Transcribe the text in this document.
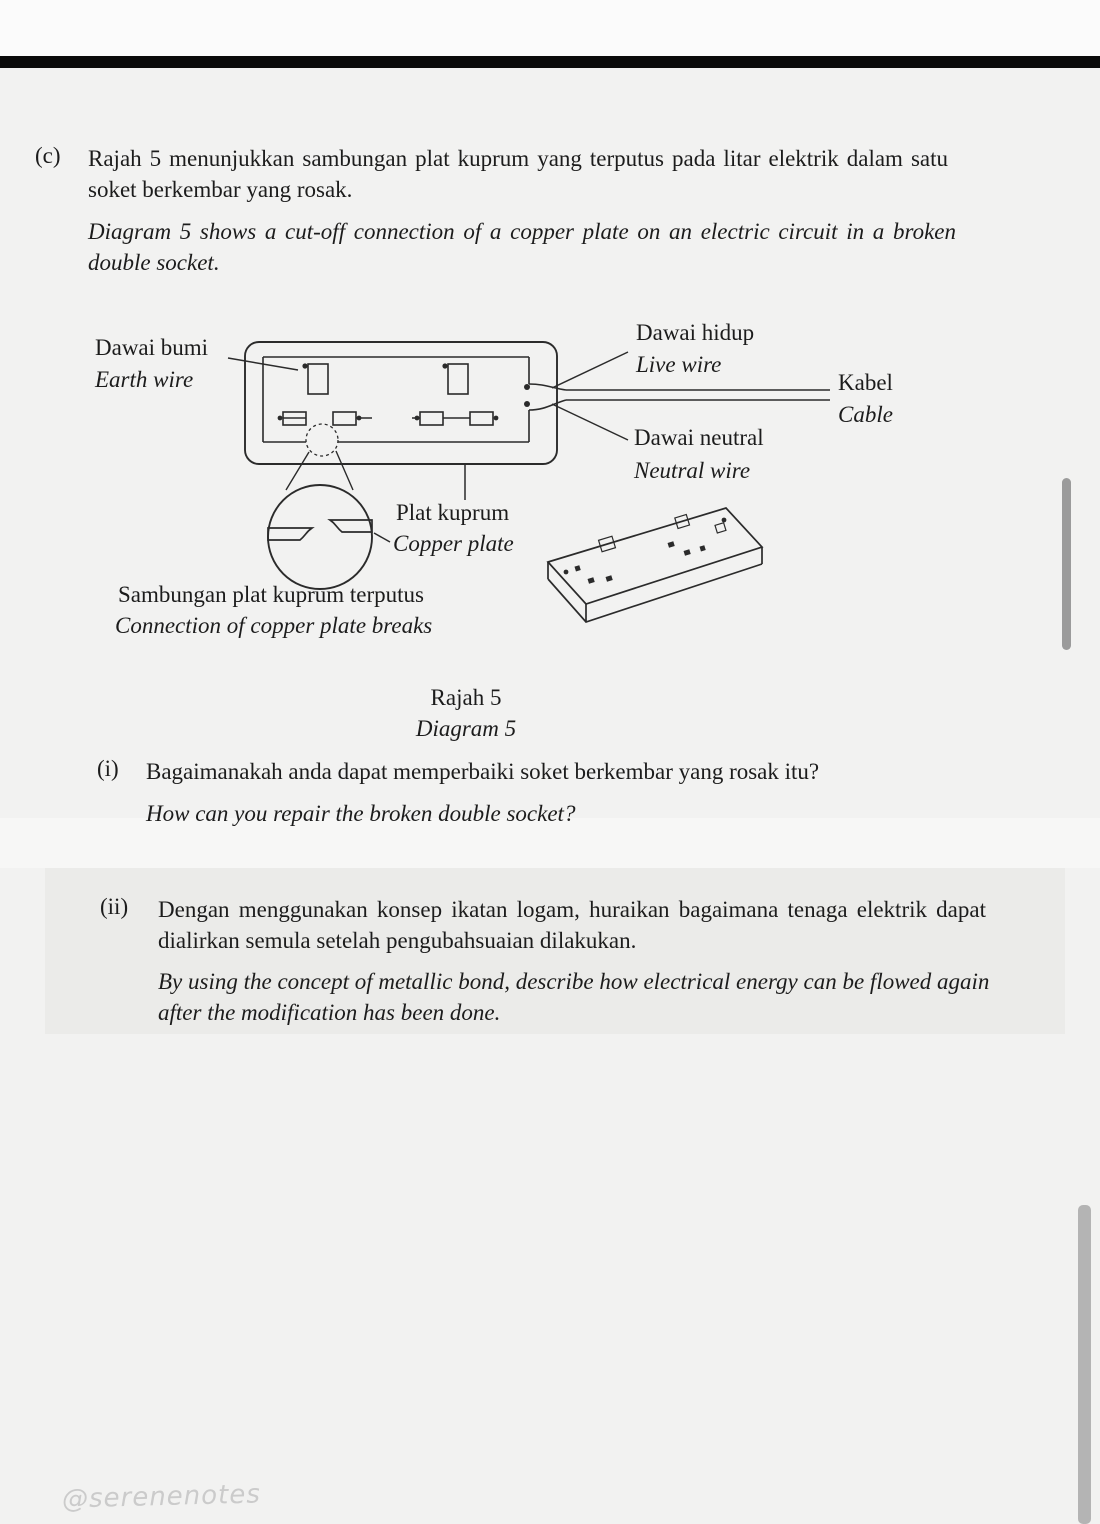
(c) Rajah 5 menunjukkan sambungan plat kuprum yang terputus pada litar elektrik dalam satu soket berkembar yang rosak.
Diagram 5 shows a cut-off connection of a copper plate on an electric circuit in a broken double socket.
Dawai bumi
Earth wire
Dawai hidup
Live wire
Kabel
Cable
Dawai neutral
Neutral wire
Plat kuprum
Copper plate
Sambungan plat kuprum terputus
Connection of copper plate breaks
Rajah 5
Diagram 5
(i) Bagaimanakah anda dapat memperbaiki soket berkembar yang rosak itu?
How can you repair the broken double socket?
(ii) Dengan menggunakan konsep ikatan logam, huraikan bagaimana tenaga elektrik dapat dialirkan semula setelah pengubahsuaian dilakukan.
By using the concept of metallic bond, describe how electrical energy can be flowed again after the modification has been done.
@serenenotes
